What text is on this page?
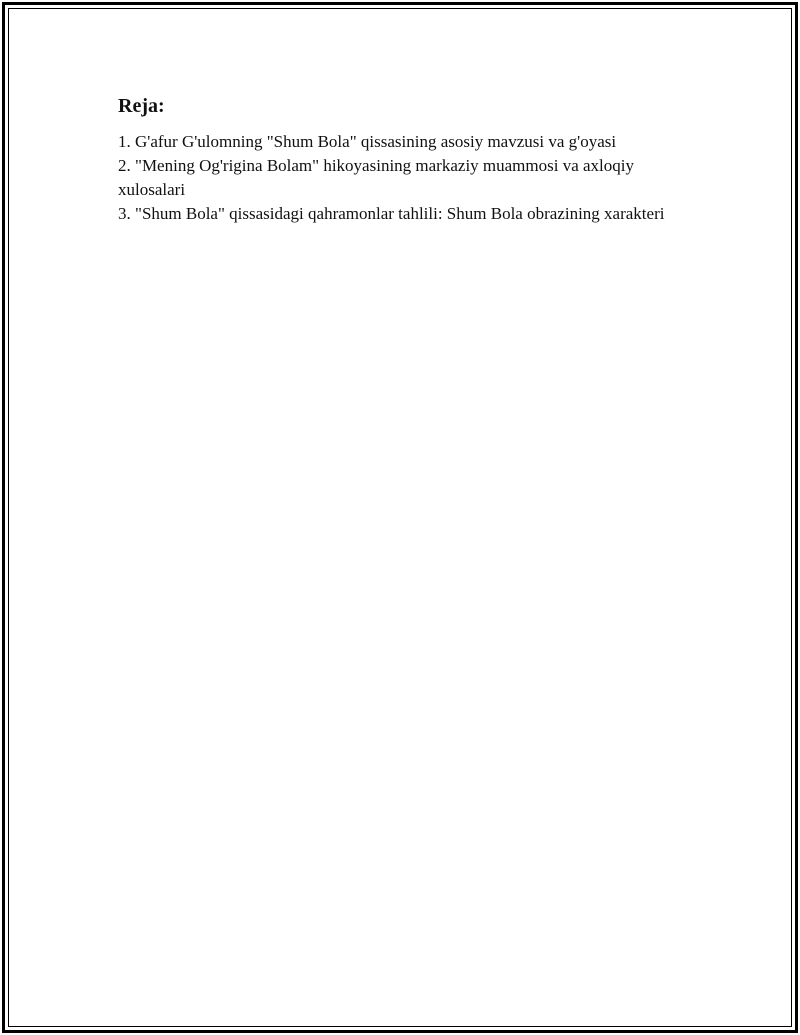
Reja:
1. G'afur G'ulomning "Shum Bola" qissasining asosiy mavzusi va g'oyasi
2. "Mening Og'rigina Bolam" hikoyasining markaziy muammosi va axloqiy xulosalari
3. "Shum Bola" qissasidagi qahramonlar tahlili: Shum Bola obrazining xarakteri
